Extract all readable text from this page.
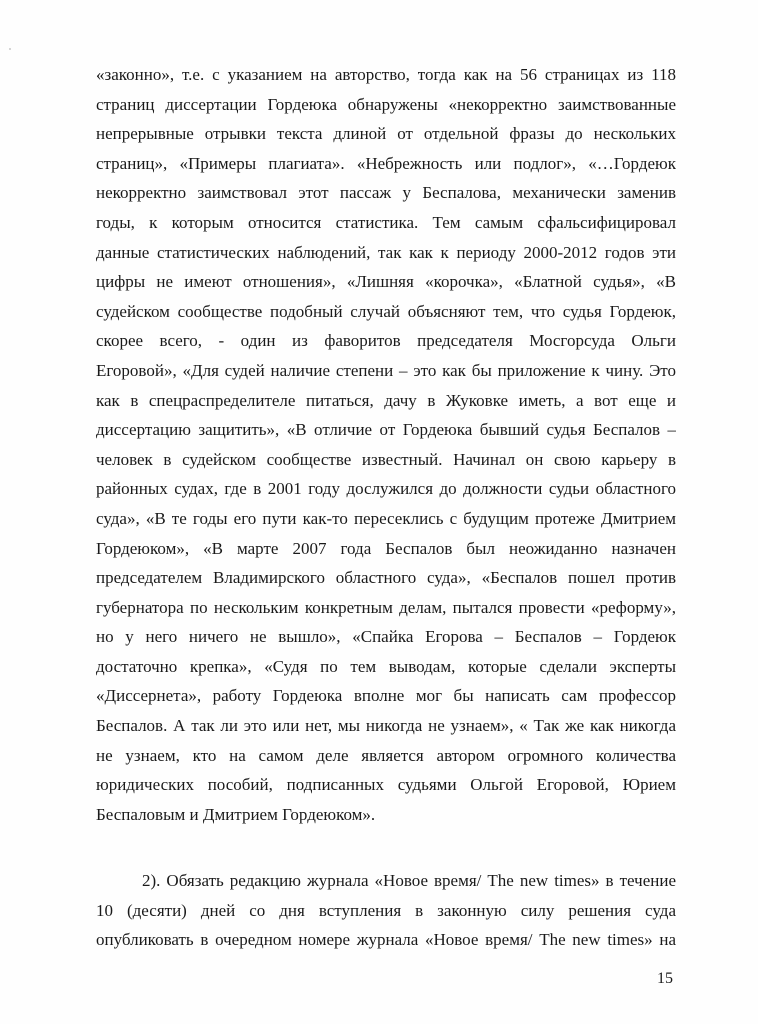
«законно», т.е. с указанием на авторство, тогда как на 56 страницах из 118
страниц диссертации Гордеюка обнаружены «некорректно заимствованные
непрерывные отрывки текста длиной от отдельной фразы до нескольких
страниц», «Примеры плагиата». «Небрежность или подлог», «…Гордеюк
некорректно заимствовал этот пассаж у Беспалова, механически заменив
годы, к которым относится статистика. Тем самым сфальсифицировал
данные статистических наблюдений, так как к периоду 2000-2012 годов эти
цифры не имеют отношения», «Лишняя «корочка», «Блатной судья», «В
судейском сообществе подобный случай объясняют тем, что судья Гордеюк,
скорее всего, - один из фаворитов председателя Мосгорсуда Ольги
Егоровой», «Для судей наличие степени – это как бы приложение к чину. Это
как в спецраспределителе питаться, дачу в Жуковке иметь, а вот еще и
диссертацию защитить», «В отличие от Гордеюка бывший судья Беспалов –
человек в судейском сообществе известный. Начинал он свою карьеру в
районных судах, где в 2001 году дослужился до должности судьи областного
суда», «В те годы его пути как-то пересеклись с будущим протеже Дмитрием
Гордеюком», «В марте 2007 года Беспалов был неожиданно назначен
председателем Владимирского областного суда», «Беспалов пошел против
губернатора по нескольким конкретным делам, пытался провести «реформу»,
но у него ничего не вышло», «Спайка Егорова – Беспалов – Гордеюк
достаточно крепка», «Судя по тем выводам, которые сделали эксперты
«Диссернета», работу Гордеюка вполне мог бы написать сам профессор
Беспалов. А так ли это или нет, мы никогда не узнаем», « Так же как никогда
не узнаем, кто на самом деле является автором огромного количества
юридических пособий, подписанных судьями Ольгой Егоровой, Юрием
Беспаловым и Дмитрием Гордеюком».
2). Обязать редакцию журнала «Новое время/ The new times» в течение
10 (десяти) дней со дня вступления в законную силу решения суда
опубликовать в очередном номере журнала «Новое время/ The new times» на
15
